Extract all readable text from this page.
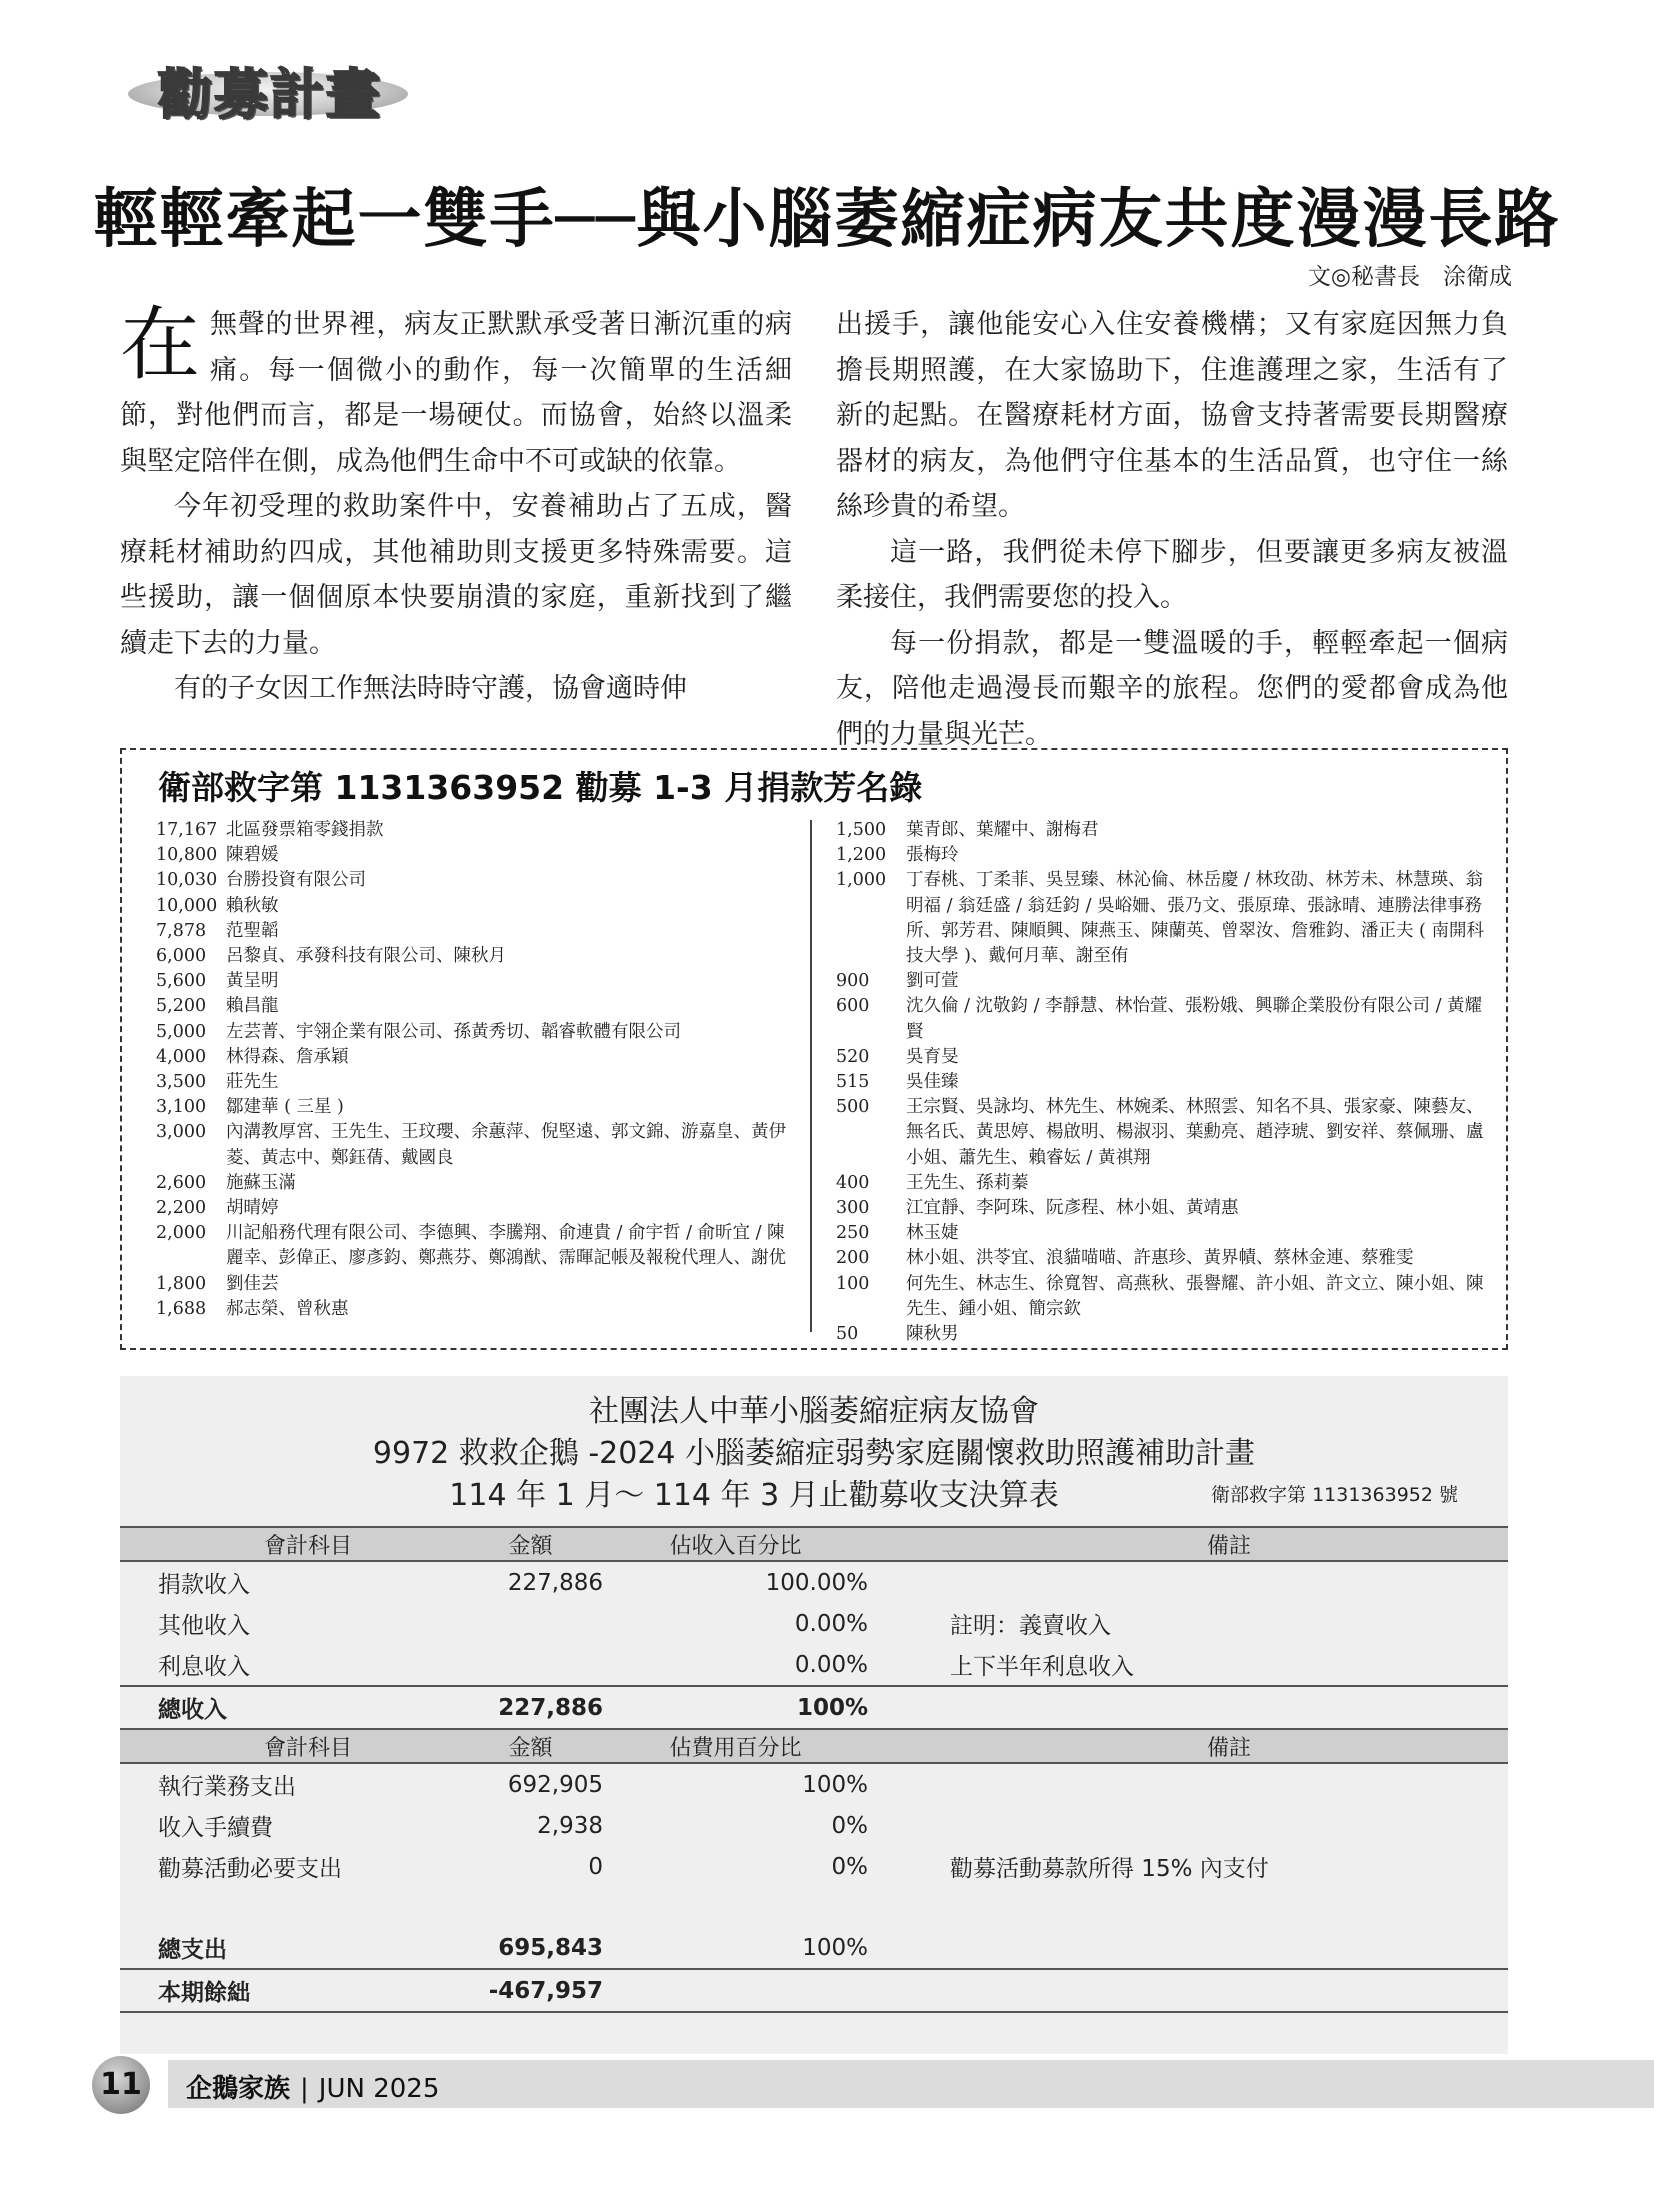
勸募計畫
輕輕牽起一雙手──與小腦萎縮症病友共度漫漫長路
文◎秘書長　涂衛成

在無聲的世界裡，病友正默默承受著日漸沉重的病痛。每一個微小的動作，每一次簡單的生活細節，對他們而言，都是一場硬仗。而協會，始終以溫柔與堅定陪伴在側，成為他們生命中不可或缺的依靠。

今年初受理的救助案件中，安養補助占了五成，醫療耗材補助約四成，其他補助則支援更多特殊需要。這些援助，讓一個個原本快要崩潰的家庭，重新找到了繼續走下去的力量。

有的子女因工作無法時時守護，協會適時伸

出援手，讓他能安心入住安養機構；又有家庭因無力負擔長期照護，在大家協助下，住進護理之家，生活有了新的起點。在醫療耗材方面，協會支持著需要長期醫療器材的病友，為他們守住基本的生活品質，也守住一絲絲珍貴的希望。

這一路，我們從未停下腳步，但要讓更多病友被溫柔接住，我們需要您的投入。

每一份捐款，都是一雙溫暖的手，輕輕牽起一個病友，陪他走過漫長而艱辛的旅程。您們的愛都會成為他們的力量與光芒。

衛部救字第 1131363952 勸募 1-3 月捐款芳名錄
17,167 北區發票箱零錢捐款
10,800 陳碧媛
10,030 台勝投資有限公司
10,000 賴秋敏
7,878	范聖韜
6,000	呂黎貞、承發科技有限公司、陳秋月
5,600	黃呈明
5,200	賴昌龍
5,000	左芸菁、宇翎企業有限公司、孫黃秀切、韜睿軟體有限公司
4,000	林得森、詹承穎
3,500	莊先生
3,100	鄒建華 ( 三星 )
3,000	內溝教厚宮、王先生、王玟瓔、余蕙萍、倪堅遠、郭文錦、游嘉皇、黃伊菱、黃志中、鄭鈺蒨、戴國良
2,600	施蘇玉滿
2,200	胡晴婷
2,000	川記船務代理有限公司、李德興、李騰翔、俞連貴 / 俞宇哲 / 俞昕宜 / 陳麗幸、彭偉正、廖彥鈞、鄭燕芬、鄭鴻猷、霈暉記帳及報稅代理人、謝优
1,800	劉佳芸
1,688	郝志榮、曾秋惠
1,500	葉青郎、葉耀中、謝梅君
1,200	張梅玲
1,000	丁春桃、丁柔菲、吳昱臻、林沁倫、林岳慶 / 林玫劭、林芳未、林慧瑛、翁明福 / 翁廷盛 / 翁廷鈞 / 吳峪姍、張乃文、張原瑋、張詠晴、連勝法律事務所、郭芳君、陳順興、陳燕玉、陳蘭英、曾翠汝、詹雅鈞、潘正夫 ( 南開科技大學 )、戴何月華、謝至侑
900	劉可萱
600	沈久倫 / 沈敬鈞 / 李靜慧、林怡萱、張粉娥、興聯企業股份有限公司 / 黃耀賢
520	吳育旻
515	吳佳臻
500	王宗賢、吳詠均、林先生、林婉柔、林照雲、知名不具、張家豪、陳藝友、無名氏、黃思婷、楊啟明、楊淑羽、葉勳亮、趙浡琥、劉安祥、蔡佩珊、盧小姐、蕭先生、賴睿妘 / 黃祺翔
400	王先生、孫莉蓁
300	江宜靜、李阿珠、阮彥程、林小姐、黃靖惠
250	林玉婕
200	林小姐、洪苓宜、浪貓喵喵、許惠珍、黃界幘、蔡林金連、蔡雅雯
100	何先生、林志生、徐寬智、高燕秋、張譽耀、許小姐、許文立、陳小姐、陳先生、鍾小姐、簡宗欽
50	陳秋男
社團法人中華小腦萎縮症病友協會
9972 救救企鵝 -2024 小腦萎縮症弱勢家庭關懷救助照護補助計畫
114 年 1 月～ 114 年 3 月止勸募收支決算表	衛部救字第 1131363952 號
會計科目	金額	佔收入百分比	備註
捐款收入	227,886	100.00%	
其他收入		0.00%	註明：義賣收入
利息收入		0.00%	上下半年利息收入
總收入	227,886	100%	
會計科目	金額	佔費用百分比	備註
執行業務支出	692,905	100%	
收入手續費	2,938	0%	
勸募活動必要支出	0	0%	勸募活動募款所得 15% 內支付

總支出	695,843	100%	
本期餘絀	-467,957		
11	企鵝家族 | JUN 2025
